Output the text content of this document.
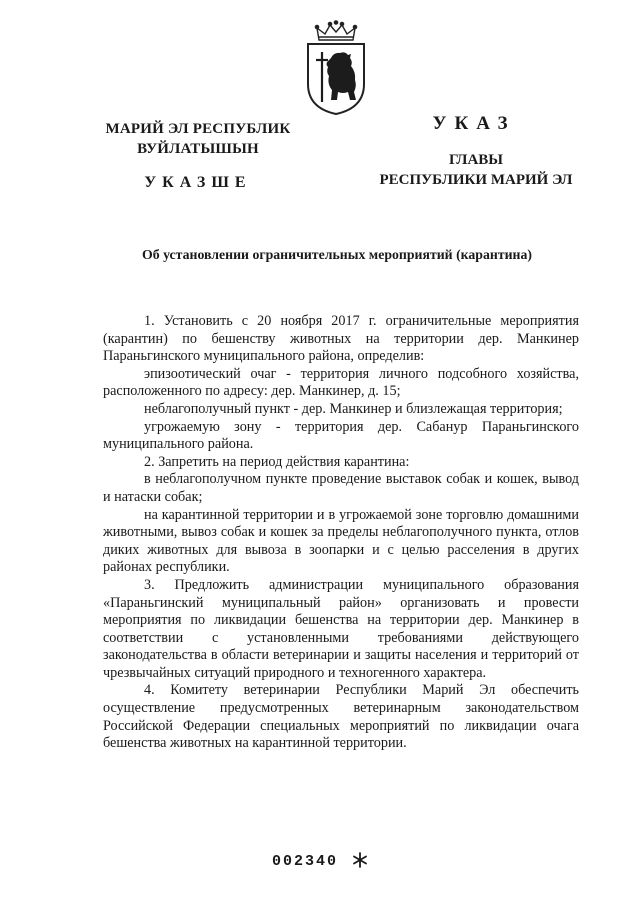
МАРИЙ ЭЛ РЕСПУБЛИК
ВУЙЛАТЫШЫН
УКАЗШЕ
УКАЗ
ГЛАВЫ
РЕСПУБЛИКИ МАРИЙ ЭЛ
Об установлении ограничительных мероприятий (карантина)

1. Установить с 20 ноября 2017 г. ограничительные мероприятия (карантин) по бешенству животных на территории дер. Манкинер Параньгинского муниципального района, определив:

эпизоотический очаг - территория личного подсобного хозяйства, расположенного по адресу: дер. Манкинер, д. 15;

неблагополучный пункт - дер. Манкинер и близлежащая территория;

угрожаемую зону - территория дер. Сабанур Параньгинского муниципального района.

2. Запретить на период действия карантина:

в неблагополучном пункте проведение выставок собак и кошек, вывод и натаски собак;

на карантинной территории и в угрожаемой зоне торговлю домашними животными, вывоз собак и кошек за пределы неблагополучного пункта, отлов диких животных для вывоза в зоопарки и с целью расселения в других районах республики.

3. Предложить администрации муниципального образования «Параньгинский муниципальный район» организовать и провести мероприятия по ликвидации бешенства на территории дер. Манкинер в соответствии с установленными требованиями действующего законодательства в области ветеринарии и защиты населения и территорий от чрезвычайных ситуаций природного и техногенного характера.

4. Комитету ветеринарии Республики Марий Эл обеспечить осуществление предусмотренных ветеринарным законодательством Российской Федерации специальных мероприятий по ликвидации очага бешенства животных на карантинной территории.

002340
